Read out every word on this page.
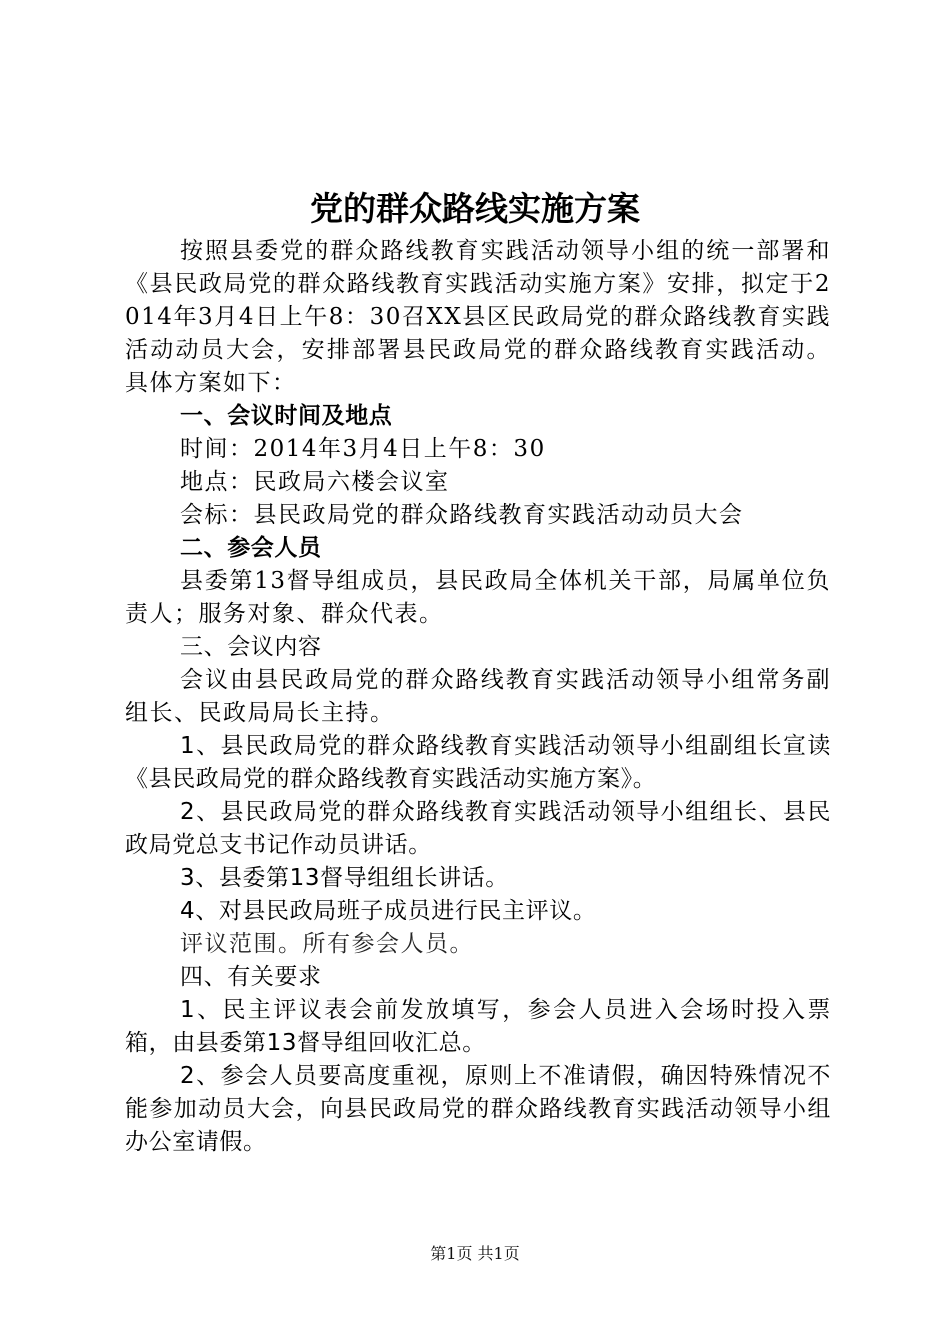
党的群众路线实施方案

按照县委党的群众路线教育实践活动领导小组的统一部署和《县民政局党的群众路线教育实践活动实施方案》安排，拟定于2014年3月4日上午8：30召XX县区民政局党的群众路线教育实践活动动员大会，安排部署县民政局党的群众路线教育实践活动。具体方案如下：

一、会议时间及地点

时间：2014年3月4日上午8：30

地点：民政局六楼会议室

会标：县民政局党的群众路线教育实践活动动员大会

二、参会人员

县委第13督导组成员，县民政局全体机关干部，局属单位负责人；服务对象、群众代表。

三、会议内容

会议由县民政局党的群众路线教育实践活动领导小组常务副组长、民政局局长主持。

1、县民政局党的群众路线教育实践活动领导小组副组长宣读《县民政局党的群众路线教育实践活动实施方案》。

2、县民政局党的群众路线教育实践活动领导小组组长、县民政局党总支书记作动员讲话。

3、县委第13督导组组长讲话。

4、对县民政局班子成员进行民主评议。

评议范围。所有参会人员。

四、有关要求

1、民主评议表会前发放填写，参会人员进入会场时投入票箱，由县委第13督导组回收汇总。

2、参会人员要高度重视，原则上不准请假，确因特殊情况不能参加动员大会，向县民政局党的群众路线教育实践活动领导小组办公室请假。

第1页 共1页
